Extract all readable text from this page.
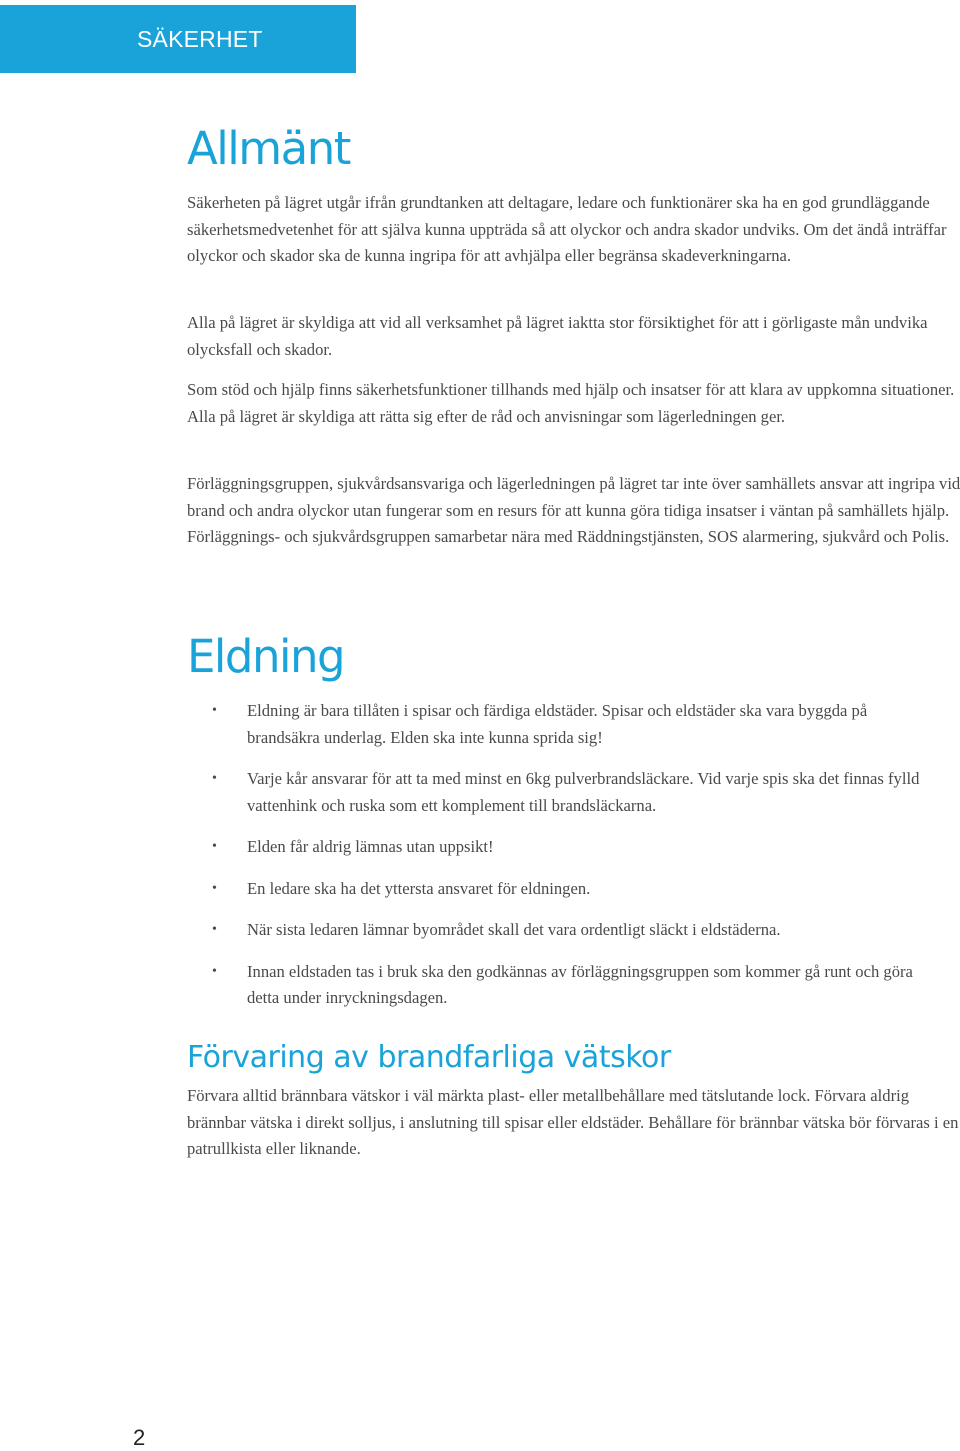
SÄKERHET
Allmänt

Säkerheten på lägret utgår ifrån grundtanken att deltagare, ledare och funktionärer ska ha en god grundläggande säkerhetsmedvetenhet för att själva kunna uppträda så att olyckor och andra skador undviks. Om det ändå inträffar olyckor och skador ska de kunna ingripa för att avhjälpa eller begränsa skadeverkningarna.

Alla på lägret är skyldiga att vid all verksamhet på lägret iaktta stor försiktighet för att i görligaste mån undvika olycksfall och skador.

Som stöd och hjälp finns säkerhetsfunktioner tillhands med hjälp och insatser för att klara av uppkomna situationer. Alla på lägret är skyldiga att rätta sig efter de råd och anvisningar som lägerledningen ger.

Förläggningsgruppen, sjukvårdsansvariga och lägerledningen på lägret tar inte över samhällets ansvar att ingripa vid brand och andra olyckor utan fungerar som en resurs för att kunna göra tidiga insatser i väntan på samhällets hjälp. Förläggnings- och sjukvårdsgruppen samarbetar nära med Räddningstjänsten, SOS alarmering, sjukvård och Polis.

Eldning
• Eldning är bara tillåten i spisar och färdiga eldstäder. Spisar och eldstäder ska vara byggda på brandsäkra underlag. Elden ska inte kunna sprida sig!
• Varje kår ansvarar för att ta med minst en 6kg pulverbrandsläckare. Vid varje spis ska det finnas fylld vattenhink och ruska som ett komplement till brandsläckarna.
• Elden får aldrig lämnas utan uppsikt!
• En ledare ska ha det yttersta ansvaret för eldningen.
• När sista ledaren lämnar byområdet skall det vara ordentligt släckt i eldstäderna.
• Innan eldstaden tas i bruk ska den godkännas av förläggningsgruppen som kommer gå runt och göra detta under inryckningsdagen.
Förvaring av brandfarliga vätskor

Förvara alltid brännbara vätskor i väl märkta plast- eller metallbehållare med tätslutande lock. Förvara aldrig brännbar vätska i direkt solljus, i anslutning till spisar eller eldstäder. Behållare för brännbar vätska bör förvaras i en patrullkista eller liknande.

2
